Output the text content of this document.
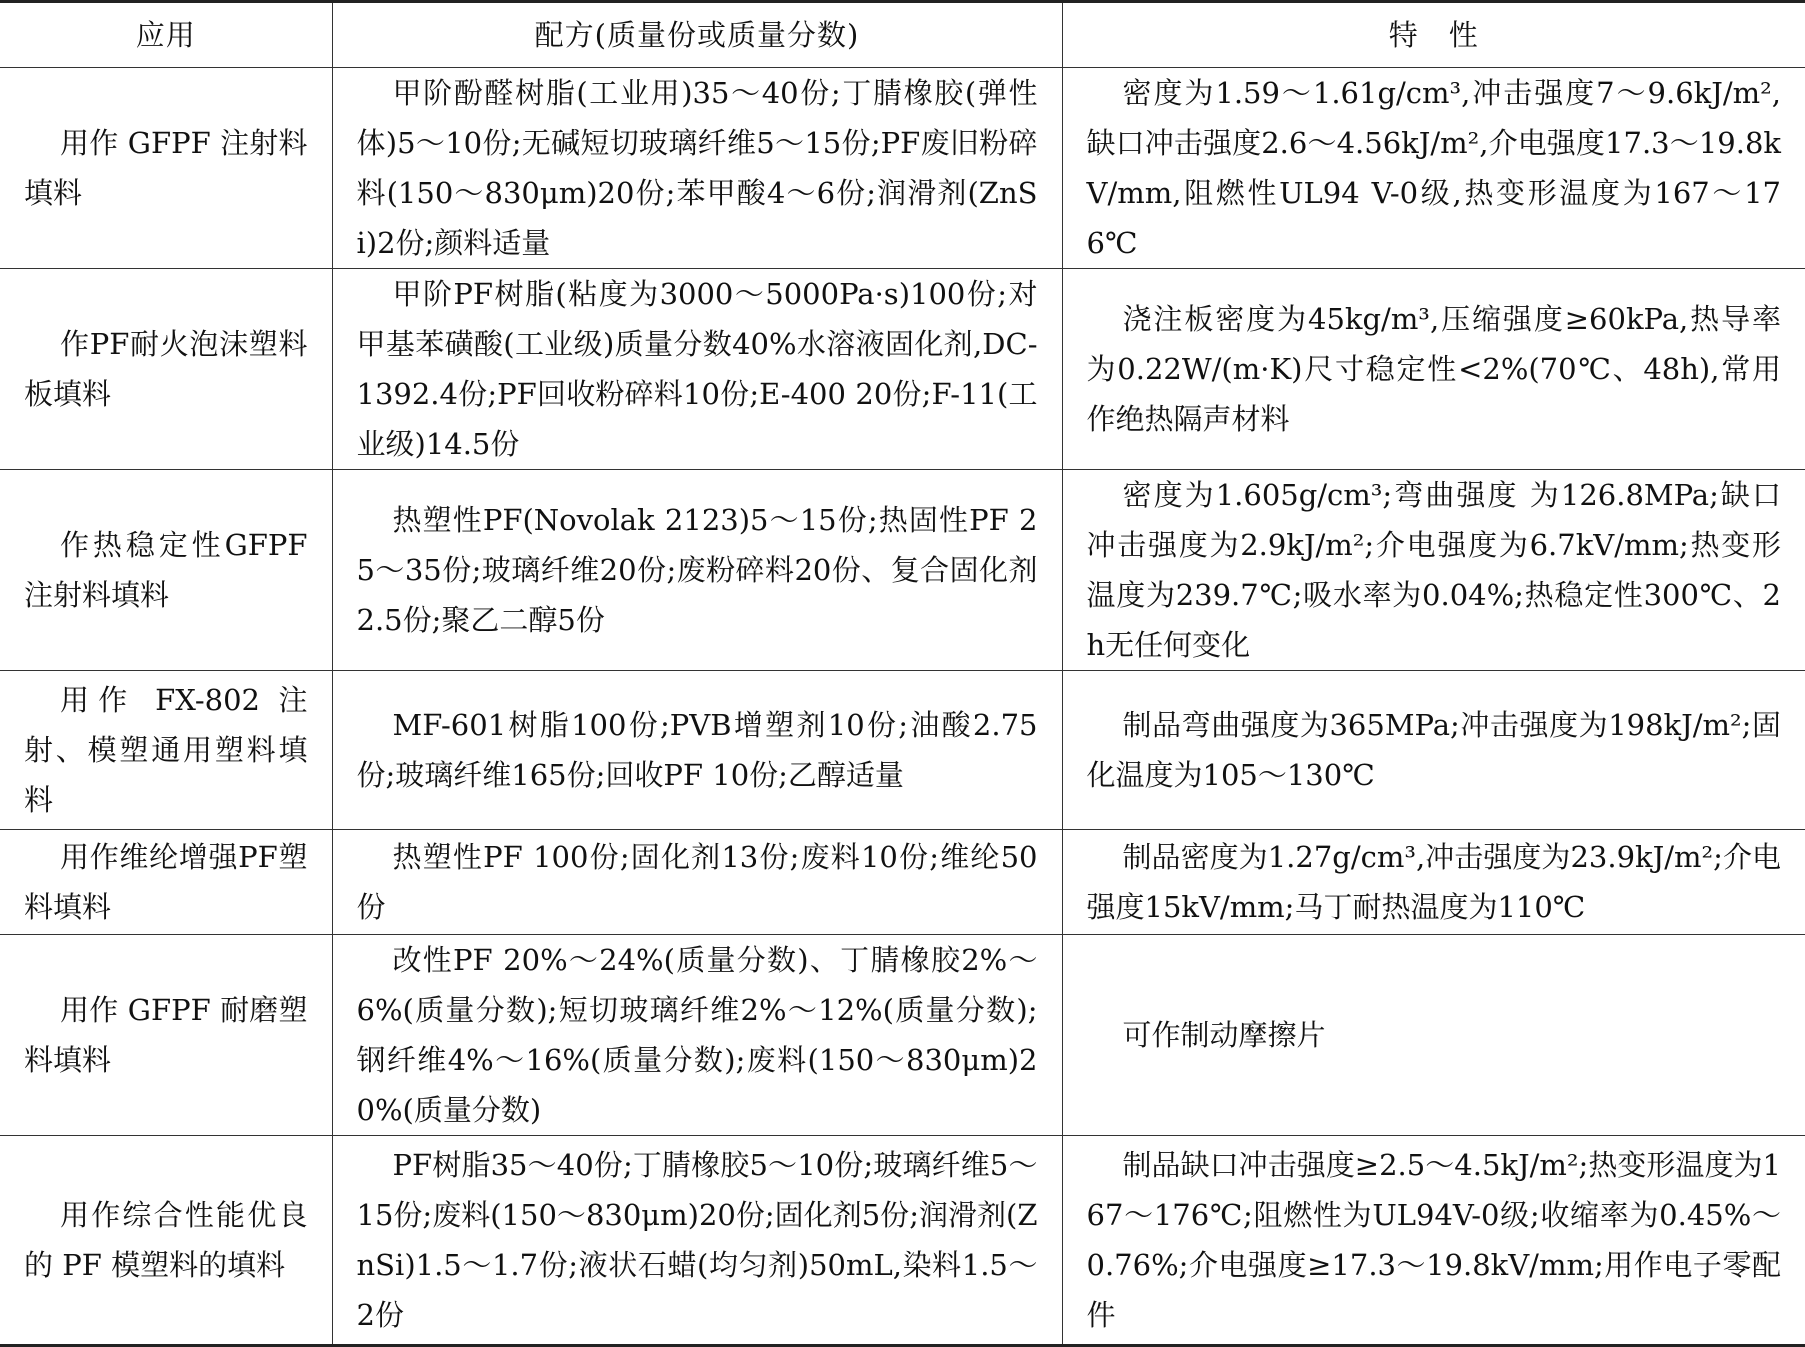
应用	配方(质量份或质量分数)	特　性
用作 GFPF 注射料填料	甲阶酚醛树脂(工业用)35～40份;丁腈橡胶(弹性体)5～10份;无碱短切玻璃纤维5～15份;PF废旧粉碎料(150～830μm)20份;苯甲酸4～6份;润滑剂(ZnSi)2份;颜料适量	密度为1.59～1.61g/cm³,冲击强度7～9.6kJ/m²,缺口冲击强度2.6～4.56kJ/m²,介电强度17.3～19.8kV/mm,阻燃性UL94 V-0级,热变形温度为167～176℃
作PF耐火泡沫塑料板填料	甲阶PF树脂(粘度为3000～5000Pa·s)100份;对甲基苯磺酸(工业级)质量分数40%水溶液固化剂,DC-1392.4份;PF回收粉碎料10份;E-400 20份;F-11(工业级)14.5份	浇注板密度为45kg/m³,压缩强度≥60kPa,热导率为0.22W/(m·K)尺寸稳定性<2%(70℃、48h),常用作绝热隔声材料
作热稳定性GFPF注射料填料	热塑性PF(Novolak 2123)5～15份;热固性PF 25～35份;玻璃纤维20份;废粉碎料20份、复合固化剂2.5份;聚乙二醇5份	密度为1.605g/cm³;弯曲强度 为126.8MPa;缺口冲击强度为2.9kJ/m²;介电强度为6.7kV/mm;热变形温度为239.7℃;吸水率为0.04%;热稳定性300℃、2h无任何变化
用作 FX-802 注射、模塑通用塑料填料	MF-601树脂100份;PVB增塑剂10份;油酸2.75份;玻璃纤维165份;回收PF 10份;乙醇适量	制品弯曲强度为365MPa;冲击强度为198kJ/m²;固化温度为105～130℃
用作维纶增强PF塑料填料	热塑性PF 100份;固化剂13份;废料10份;维纶50份	制品密度为1.27g/cm³,冲击强度为23.9kJ/m²;介电强度15kV/mm;马丁耐热温度为110℃
用作 GFPF 耐磨塑料填料	改性PF 20%～24%(质量分数)、丁腈橡胶2%～6%(质量分数);短切玻璃纤维2%～12%(质量分数);钢纤维4%～16%(质量分数);废料(150～830μm)20%(质量分数)	可作制动摩擦片
用作综合性能优良的 PF 模塑料的填料	PF树脂35～40份;丁腈橡胶5～10份;玻璃纤维5～15份;废料(150～830μm)20份;固化剂5份;润滑剂(ZnSi)1.5～1.7份;液状石蜡(均匀剂)50mL,染料1.5～2份	制品缺口冲击强度≥2.5～4.5kJ/m²;热变形温度为167～176℃;阻燃性为UL94V-0级;收缩率为0.45%～0.76%;介电强度≥17.3～19.8kV/mm;用作电子零配件
